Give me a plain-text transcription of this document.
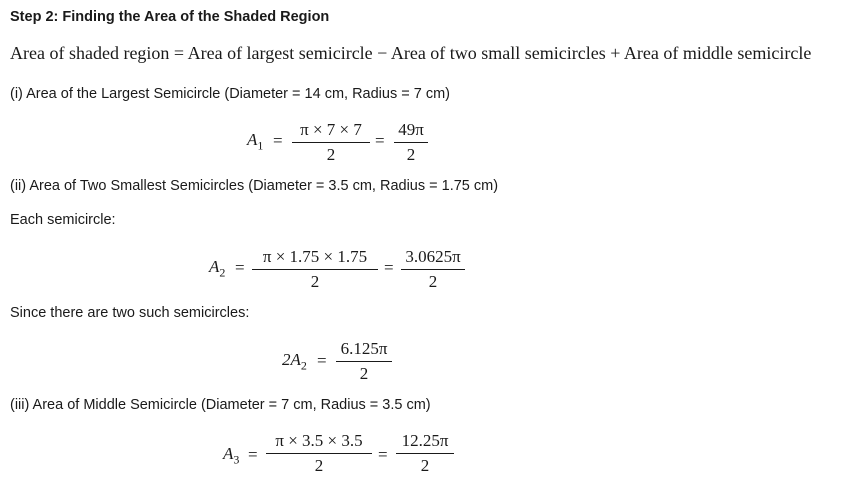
Step 2: Finding the Area of the Shaded Region
Area of shaded region = Area of largest semicircle − Area of two small semicircles + Area of middle semicircle
(i) Area of the Largest Semicircle (Diameter = 14 cm, Radius = 7 cm)
$A_1$ =
π × 7 × 7
2
=
49π
2
(ii) Area of Two Smallest Semicircles (Diameter = 3.5 cm, Radius = 1.75 cm)
Each semicircle:
$A_2$ =
π × 1.75 × 1.75
2
=
3.0625π
2
Since there are two such semicircles:
$2A_2$ =
6.125π
2
(iii) Area of Middle Semicircle (Diameter = 7 cm, Radius = 3.5 cm)
$A_3$ =
π × 3.5 × 3.5
2
=
12.25π
2
